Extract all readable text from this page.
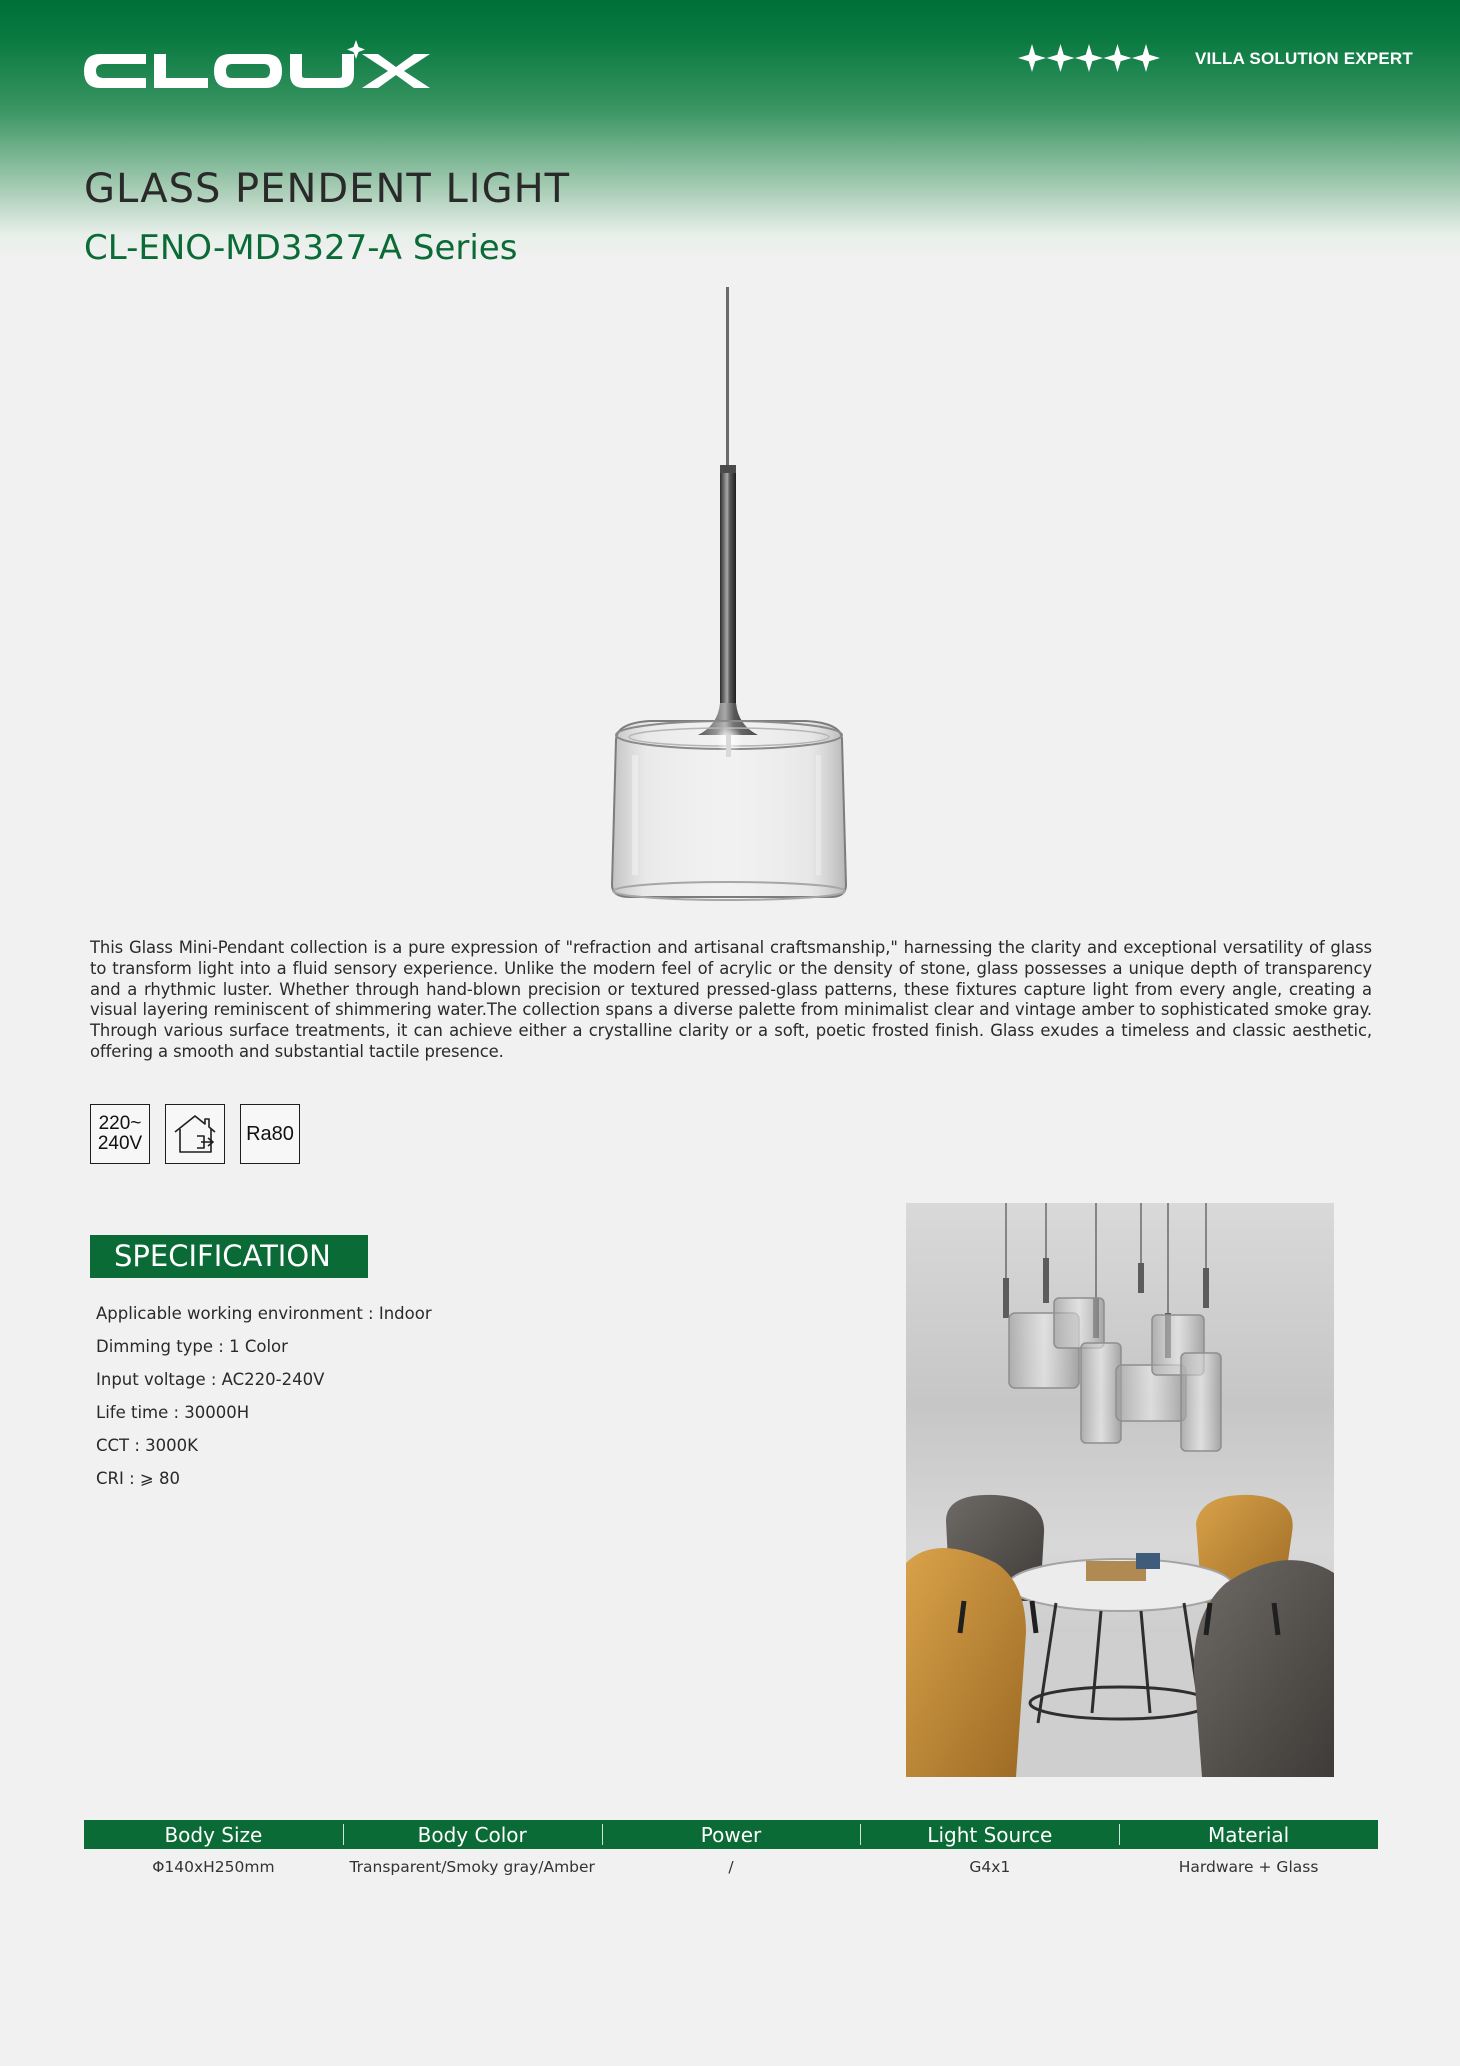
VILLA SOLUTION EXPERT
GLASS PENDENT LIGHT
CL-ENO-MD3327-A Series

This Glass Mini-Pendant collection is a pure expression of "refraction and artisanal craftsmanship," harnessing the clarity and exceptional versatility of glass to transform light into a fluid sensory experience. Unlike the modern feel of acrylic or the density of stone, glass possesses a unique depth of transparency and a rhythmic luster. Whether through hand-blown precision or textured pressed-glass patterns, these fixtures capture light from every angle, creating a visual layering reminiscent of shimmering water.The collection spans a diverse palette from minimalist clear and vintage amber to sophisticated smoke gray. Through various surface treatments, it can achieve either a crystalline clarity or a soft, poetic frosted finish. Glass exudes a timeless and classic aesthetic, offering a smooth and substantial tactile presence.

220~
240V	Ra80
SPECIFICATION
Applicable working environment : Indoor
Dimming type : 1 Color
Input voltage : AC220-240V
Life time : 30000H
CCT : 3000K
CRI : ⩾ 80
Body Size	Body Color	Power	Light Source	Material
Φ140xH250mm	Transparent/Smoky gray/Amber	/	G4x1	Hardware + Glass
